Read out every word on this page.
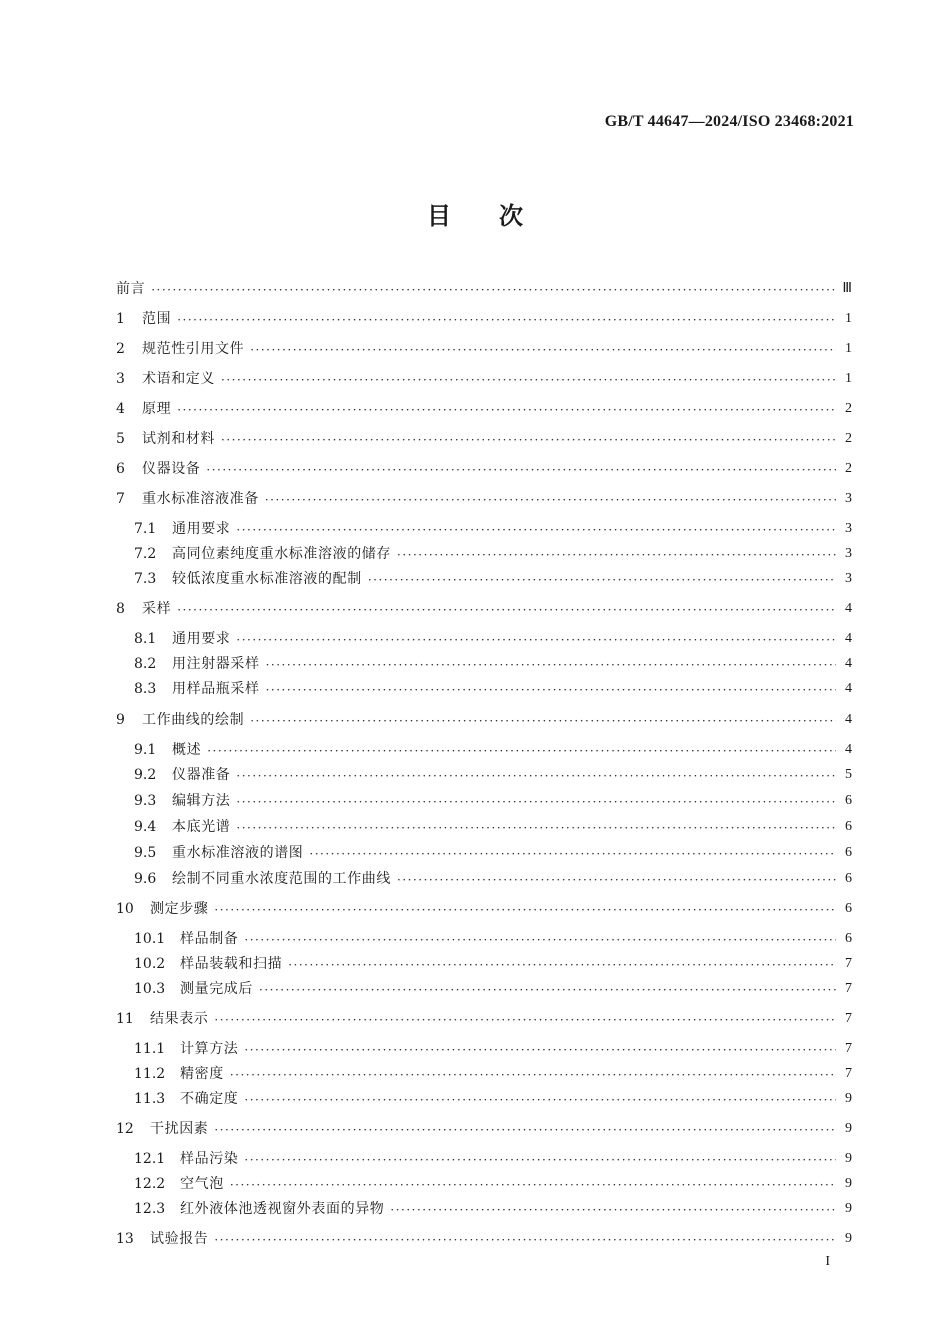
GB/T 44647—2024/ISO 23468:2021
目次
前言 ·····	Ⅲ
1	范围 ·····	1
2	规范性引用文件 ·····	1
3	术语和定义 ·····	1
4	原理 ·····	2
5	试剂和材料 ·····	2
6	仪器设备 ·····	2
7	重水标准溶液准备 ·····	3
7.1	通用要求 ·····	3
7.2	高同位素纯度重水标准溶液的储存 ·····	3
7.3	较低浓度重水标准溶液的配制 ·····	3
8	采样 ·····	4
8.1	通用要求 ·····	4
8.2	用注射器采样 ·····	4
8.3	用样品瓶采样 ·····	4
9	工作曲线的绘制 ·····	4
9.1	概述 ·····	4
9.2	仪器准备 ·····	5
9.3	编辑方法 ·····	6
9.4	本底光谱 ·····	6
9.5	重水标准溶液的谱图 ·····	6
9.6	绘制不同重水浓度范围的工作曲线 ·····	6
10	测定步骤 ·····	6
10.1	样品制备 ·····	6
10.2	样品装载和扫描 ·····	7
10.3	测量完成后 ·····	7
11	结果表示 ·····	7
11.1	计算方法 ·····	7
11.2	精密度 ·····	7
11.3	不确定度 ·····	9
12	干扰因素 ·····	9
12.1	样品污染 ·····	9
12.2	空气泡 ·····	9
12.3	红外液体池透视窗外表面的异物 ·····	9
13	试验报告 ·····	9
I
